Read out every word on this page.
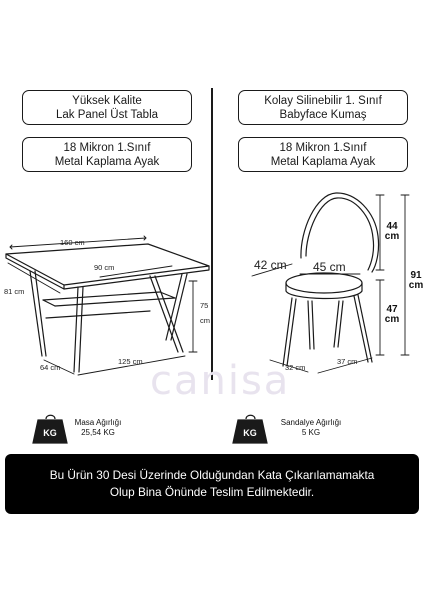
Yüksek Kalite
Lak Panel Üst Tabla
18 Mikron 1.Sınıf
Metal Kaplama Ayak
Kolay Silinebilir 1. Sınıf
Babyface Kumaş
18 Mikron 1.Sınıf
Metal Kaplama Ayak
canisa
160 cm
90 cm
81 cm
75
cm
125 cm
64 cm
42 cm 45 cm
44
cm
91
cm
47
cm
32 cm
37 cm
KG	KG
Masa Ağırlığı
25,54 KG
Sandalye Ağırlığı
5 KG
Bu Ürün 30 Desi Üzerinde Olduğundan Kata Çıkarılamamakta
Olup Bina Önünde Teslim Edilmektedir.
